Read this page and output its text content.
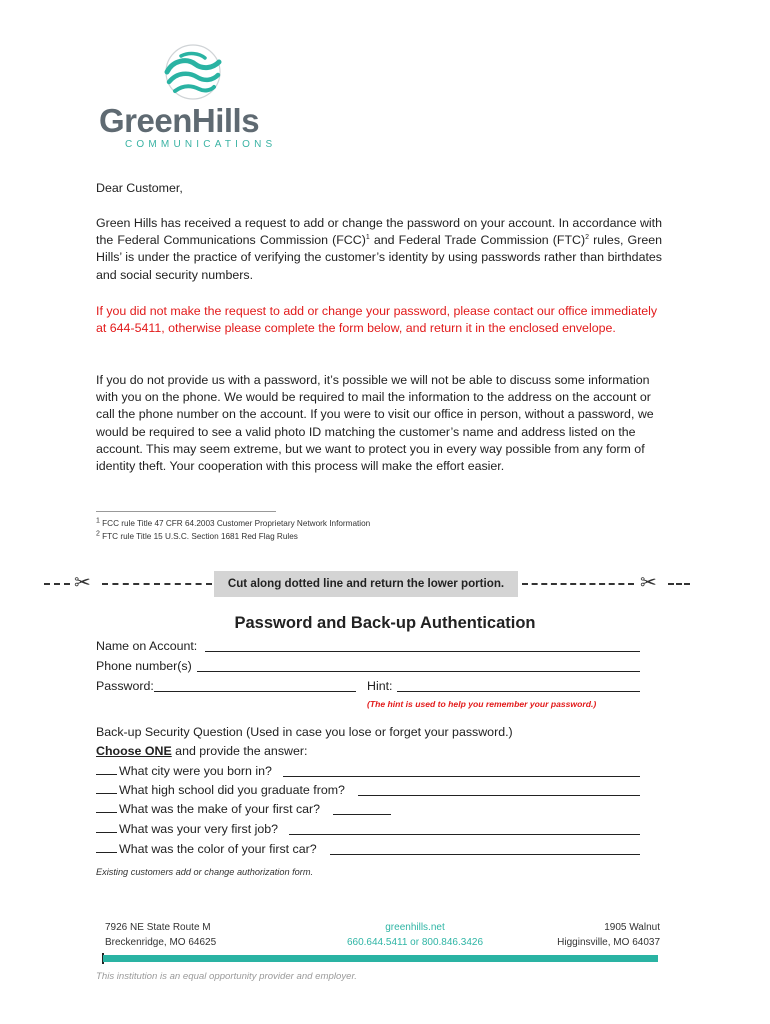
GreenHills
COMMUNICATIONS
Dear Customer,
Green Hills has received a request to add or change the password on your account. In accordance with the Federal Communications Commission (FCC)$^1$ and Federal Trade Commission (FTC)$^2$ rules, Green Hills’ is under the practice of verifying the customer’s identity by using passwords rather than birthdates and social security numbers.
If you did not make the request to add or change your password, please contact our office immediately at 644-5411, otherwise please complete the form below, and return it in the enclosed envelope.
If you do not provide us with a password, it’s possible we will not be able to discuss some information with you on the phone. We would be required to mail the information to the address on the account or call the phone number on the account. If you were to visit our office in person, without a password, we would be required to see a valid photo ID matching the customer’s name and address listed on the account. This may seem extreme, but we want to protect you in every way possible from any form of identity theft. Your cooperation with this process will make the effort easier.
$^1$ FCC rule Title 47 CFR 64.2003 Customer Proprietary Network Information
$^2$ FTC rule Title 15 U.S.C. Section 1681 Red Flag Rules
✂	Cut along dotted line and return the lower portion.	✂
Password and Back-up Authentication
Name on Account:
Phone number(s)
Password:	Hint:
(The hint is used to help you remember your password.)
Back-up Security Question (Used in case you lose or forget your password.)
Choose ONE and provide the answer:
What city were you born in?
What high school did you graduate from?
What was the make of your first car?
What was your very first job?
What was the color of your first car?
Existing customers add or change authorization form.
7926 NE State Route M
Breckenridge, MO 64625
greenhills.net
660.644.5411 or 800.846.3426
1905 Walnut
Higginsville, MO 64037
This institution is an equal opportunity provider and employer.
